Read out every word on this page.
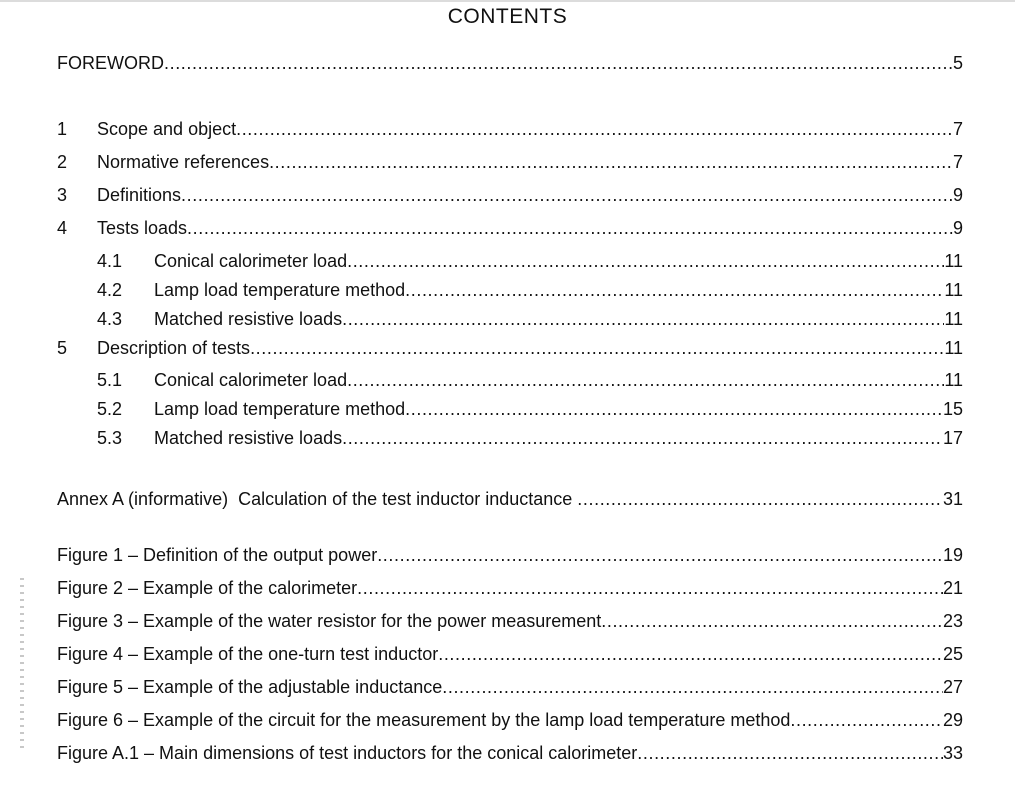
CONTENTS
FOREWORD .....	5
1	Scope and object .....	7
2	Normative references .....	7
3	Definitions .....	9
4	Tests loads .....	9
4.1	Conical calorimeter load .....	11
4.2	Lamp load temperature method .....	11
4.3	Matched resistive loads .....	11
5	Description of tests .....	11
5.1	Conical calorimeter load .....	11
5.2	Lamp load temperature method .....	15
5.3	Matched resistive loads .....	17
Annex A (informative)  Calculation of the test inductor inductance .....	31
Figure 1 – Definition of the output power .....	19
Figure 2 – Example of the calorimeter .....	21
Figure 3 – Example of the water resistor for the power measurement .....	23
Figure 4 – Example of the one-turn test inductor .....	25
Figure 5 – Example of the adjustable inductance .....	27
Figure 6 – Example of the circuit for the measurement by the lamp load temperature method .....	29
Figure A.1 – Main dimensions of test inductors for the conical calorimeter .....	33
